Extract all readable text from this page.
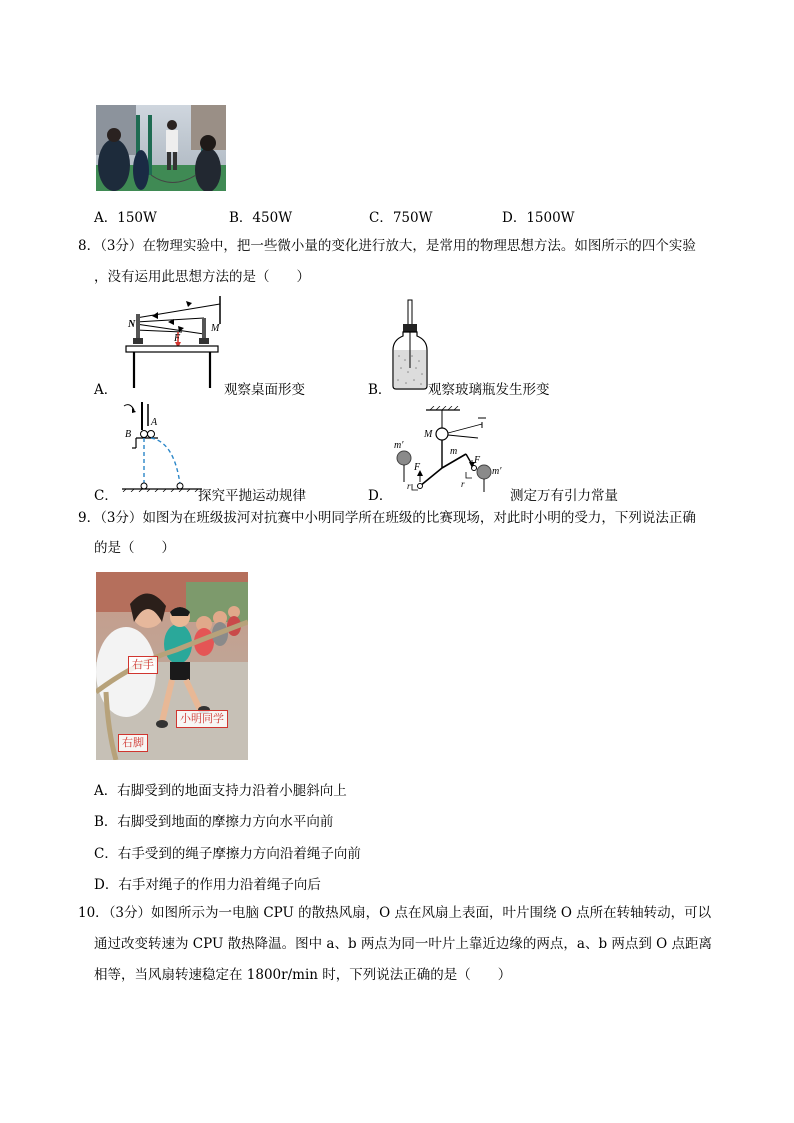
A．150W	B．450W	C．750W	D．1500W
8．（3分）在物理实验中，把一些微小量的变化进行放大，是常用的物理思想方法。如图所示的四个实验
，没有运用此思想方法的是（　　）
N
F
M
A．	观察桌面形变	B．	观察玻璃瓶发生形变
A
B
C．	探究平抛运动规律
M
m′
m
F
F
r	r
m′
D．	测定万有引力常量
9．（3分）如图为在班级拔河对抗赛中小明同学所在班级的比赛现场，对此时小明的受力，下列说法正确
的是（　　）
右手
小明同学
右脚
A．右脚受到的地面支持力沿着小腿斜向上
B．右脚受到地面的摩擦力方向水平向前
C．右手受到的绳子摩擦力方向沿着绳子向前
D．右手对绳子的作用力沿着绳子向后
10．（3分）如图所示为一电脑 CPU 的散热风扇，O 点在风扇上表面，叶片围绕 O 点所在转轴转动，可以
通过改变转速为 CPU 散热降温。图中 a、b 两点为同一叶片上靠近边缘的两点，a、b 两点到 O 点距离
相等，当风扇转速稳定在 1800r/min 时，下列说法正确的是（　　）
